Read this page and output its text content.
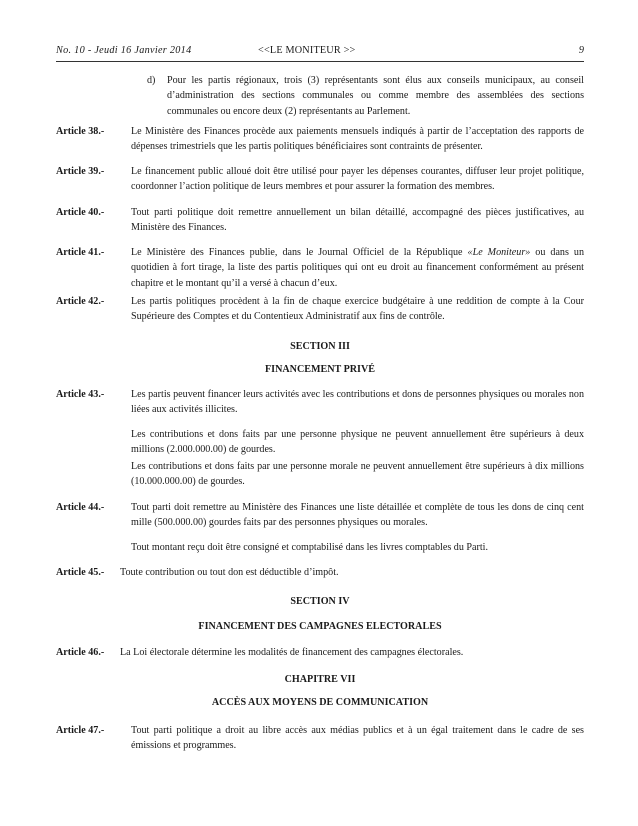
No. 10 - Jeudi 16 Janvier 2014	<<LE MONITEUR >>	9
d) Pour les partis régionaux, trois (3) représentants sont élus aux conseils municipaux, au conseil d’administration des sections communales ou comme membre des assemblées des sections communales ou encore deux (2) représentants au Parlement.
Article 38.-	Le Ministère des Finances procède aux paiements mensuels indiqués à partir de l’acceptation des rapports de dépenses trimestriels que les partis politiques bénéficiaires sont contraints de présenter.
Article 39.-	Le financement public alloué doit être utilisé pour payer les dépenses courantes, diffuser leur projet politique, coordonner l’action politique de leurs membres et pour assurer la formation des membres.
Article 40.-	Tout parti politique doit remettre annuellement un bilan détaillé, accompagné des pièces justificatives, au Ministère des Finances.
Article 41.-	Le Ministère des Finances publie, dans le Journal Officiel de la République «Le Moniteur» ou dans un quotidien à fort tirage, la liste des partis politiques qui ont eu droit au financement conformément au présent chapitre et le montant qu’il a versé à chacun d’eux.
Article 42.-	Les partis politiques procèdent à la fin de chaque exercice budgétaire à une reddition de compte à la Cour Supérieure des Comptes et du Contentieux Administratif aux fins de contrôle.
SECTION III
FINANCEMENT PRIVÉ
Article 43.-	Les partis peuvent financer leurs activités avec les contributions et dons de personnes physiques ou morales non liées aux activités illicites.
Les contributions et dons faits par une personne physique ne peuvent annuellement être supérieurs à deux millions (2.000.000.00) de gourdes.
Les contributions et dons faits par une personne morale ne peuvent annuellement être supérieurs à dix millions (10.000.000.00) de gourdes.
Article 44.-	Tout parti doit remettre au Ministère des Finances une liste détaillée et complète de tous les dons de cinq cent mille (500.000.00) gourdes faits par des personnes physiques ou morales.
Tout montant reçu doit être consigné et comptabilisé dans les livres comptables du Parti.
Article 45.- Toute contribution ou tout don est déductible d’impôt.
SECTION IV
FINANCEMENT DES CAMPAGNES ELECTORALES
Article 46.- La Loi électorale détermine les modalités de financement des campagnes électorales.
CHAPITRE VII
ACCÈS AUX MOYENS DE COMMUNICATION
Article 47.-	Tout parti politique a droit au libre accès aux médias publics et à un égal traitement dans le cadre de ses émissions et programmes.
